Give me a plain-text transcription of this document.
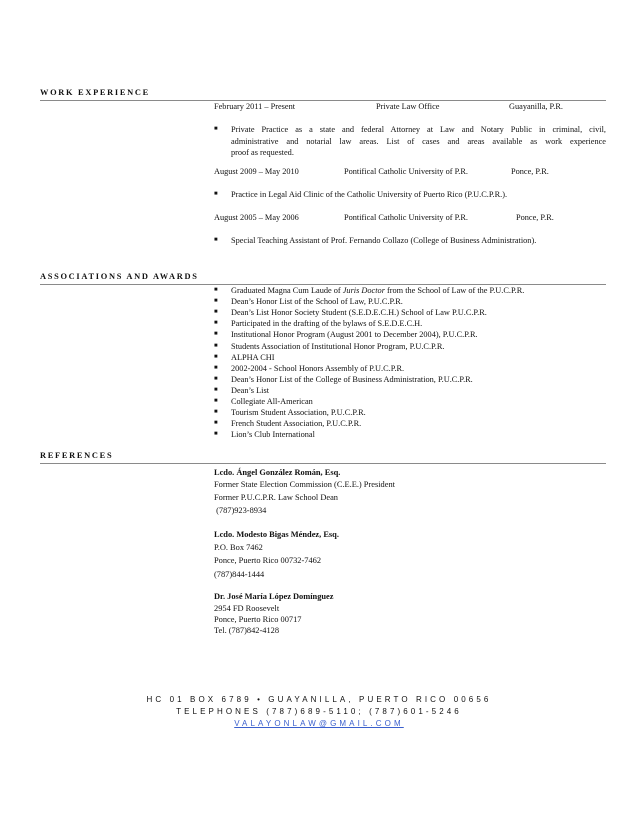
WORK EXPERIENCE
February 2011 – Present	Private Law Office	Guayanilla, P.R.
■ Private Practice as a state and federal Attorney at Law and Notary Public in criminal, civil,
administrative and notarial law areas. List of cases and areas available as work experience
proof as requested.
August 2009 – May 2010	Pontifical Catholic University of P.R.	Ponce, P.R.
■ Practice in Legal Aid Clinic of the Catholic University of Puerto Rico (P.U.C.P.R.).
August 2005 – May 2006	Pontifical Catholic University of P.R.	Ponce, P.R.
■ Special Teaching Assistant of Prof. Fernando Collazo (College of Business Administration).
ASSOCIATIONS AND AWARDS
■ Graduated Magna Cum Laude of Juris Doctor from the School of Law of the P.U.C.P.R.
■ Dean’s Honor List of the School of Law, P.U.C.P.R.
■ Dean’s List Honor Society Student (S.E.D.E.C.H.) School of Law P.U.C.P.R.
■ Participated in the drafting of the bylaws of S.E.D.E.C.H.
■ Institutional Honor Program (August 2001 to December 2004), P.U.C.P.R.
■ Students Association of Institutional Honor Program, P.U.C.P.R.
■ ALPHA CHI
■ 2002-2004 - School Honors Assembly of P.U.C.P.R.
■ Dean’s Honor List of the College of Business Administration, P.U.C.P.R.
■ Dean’s List
■ Collegiate All-American
■ Tourism Student Association, P.U.C.P.R.
■ French Student Association, P.U.C.P.R.
■ Lion’s Club International
REFERENCES
Lcdo. Ángel González Román, Esq.
Former State Election Commission (C.E.E.) President
Former P.U.C.P.R. Law School Dean
(787)923-8934
Lcdo. Modesto Bigas Méndez, Esq.
P.O. Box 7462
Ponce, Puerto Rico 00732-7462
(787)844-1444
Dr. José María López Domínguez
2954 FD Roosevelt
Ponce, Puerto Rico 00717
Tel. (787)842-4128
HC 01 BOX 6789 • GUAYANILLA, PUERTO RICO 00656
TELEPHONES (787)689-5110; (787)601-5246
VALAYONLAW@GMAIL.COM
